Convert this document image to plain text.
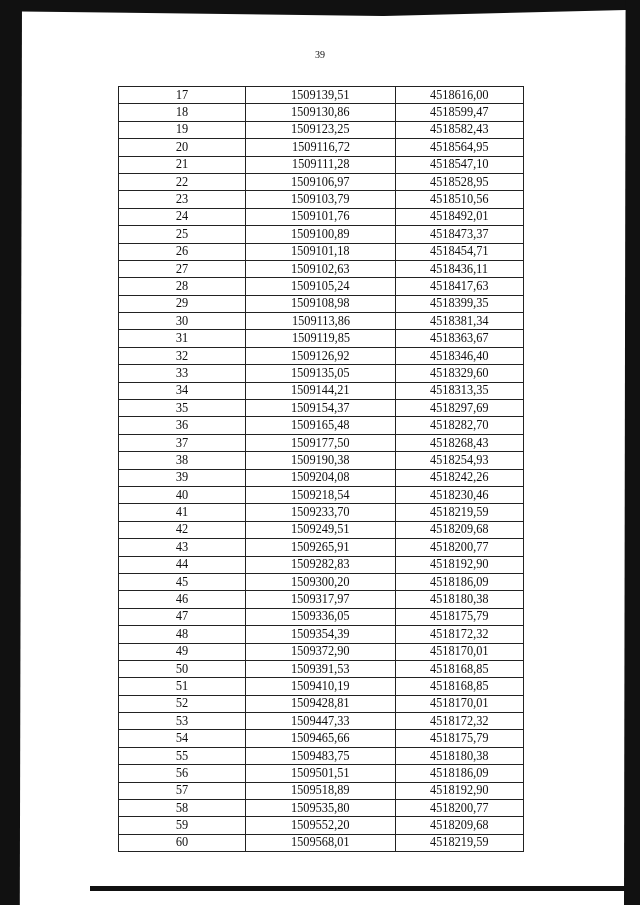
39
17	1509139,51	4518616,00
18	1509130,86	4518599,47
19	1509123,25	4518582,43
20	1509116,72	4518564,95
21	1509111,28	4518547,10
22	1509106,97	4518528,95
23	1509103,79	4518510,56
24	1509101,76	4518492,01
25	1509100,89	4518473,37
26	1509101,18	4518454,71
27	1509102,63	4518436,11
28	1509105,24	4518417,63
29	1509108,98	4518399,35
30	1509113,86	4518381,34
31	1509119,85	4518363,67
32	1509126,92	4518346,40
33	1509135,05	4518329,60
34	1509144,21	4518313,35
35	1509154,37	4518297,69
36	1509165,48	4518282,70
37	1509177,50	4518268,43
38	1509190,38	4518254,93
39	1509204,08	4518242,26
40	1509218,54	4518230,46
41	1509233,70	4518219,59
42	1509249,51	4518209,68
43	1509265,91	4518200,77
44	1509282,83	4518192,90
45	1509300,20	4518186,09
46	1509317,97	4518180,38
47	1509336,05	4518175,79
48	1509354,39	4518172,32
49	1509372,90	4518170,01
50	1509391,53	4518168,85
51	1509410,19	4518168,85
52	1509428,81	4518170,01
53	1509447,33	4518172,32
54	1509465,66	4518175,79
55	1509483,75	4518180,38
56	1509501,51	4518186,09
57	1509518,89	4518192,90
58	1509535,80	4518200,77
59	1509552,20	4518209,68
60	1509568,01	4518219,59
